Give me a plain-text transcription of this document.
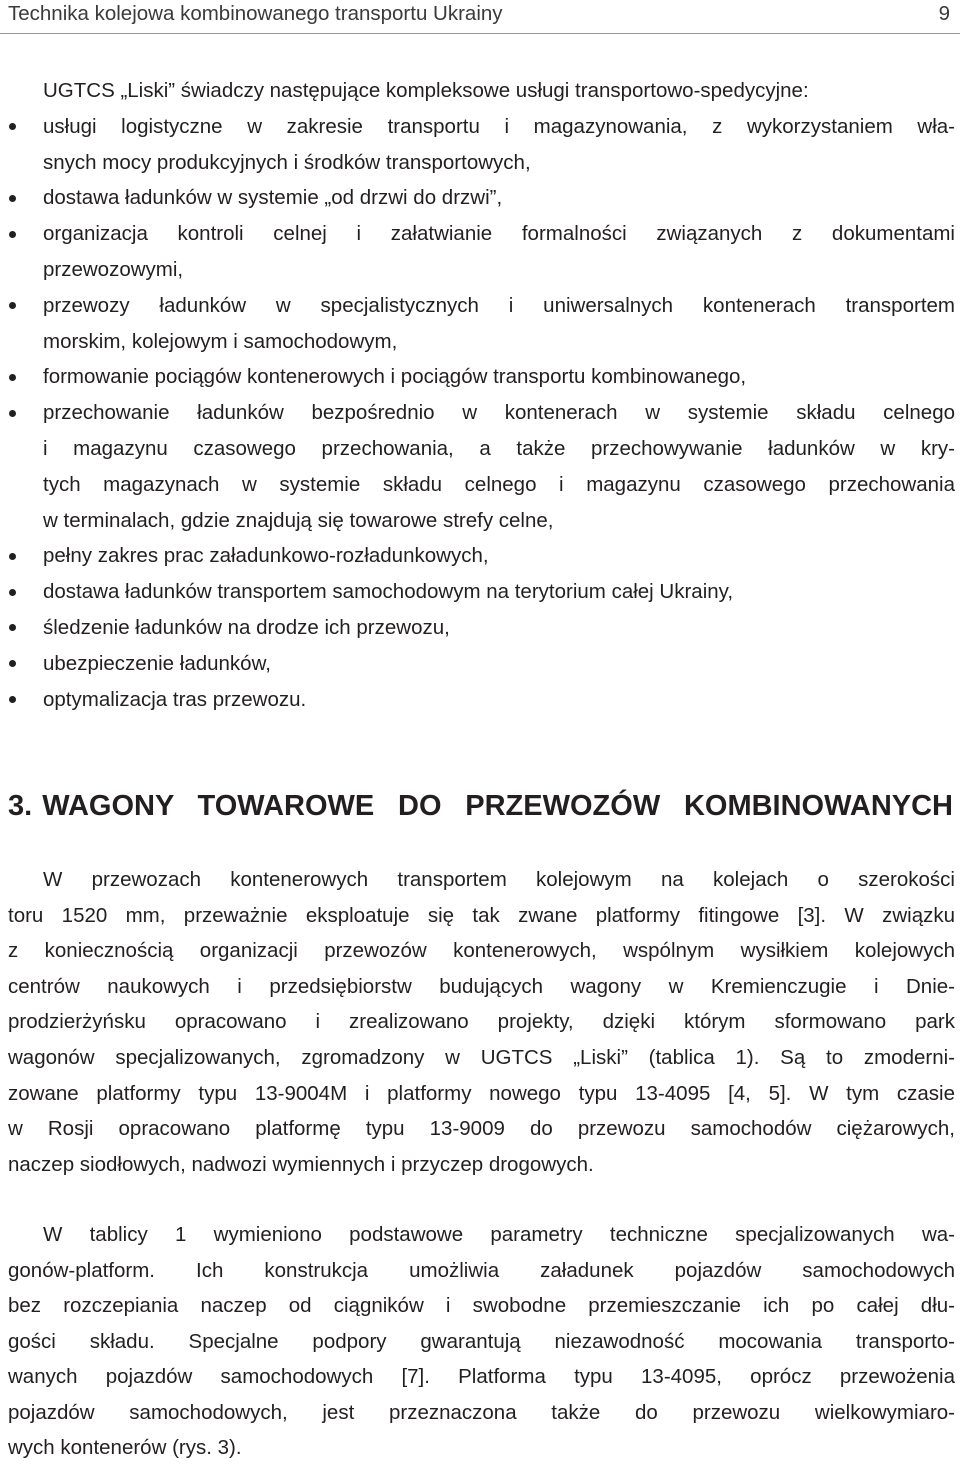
Technika kolejowa kombinowanego transportu Ukrainy	9
UGTCS „Liski” świadczy następujące kompleksowe usługi transportowo-spedycyjne:
usługi logistyczne w zakresie transportu i magazynowania, z wykorzystaniem wła-
snych mocy produkcyjnych i środków transportowych,
dostawa ładunków w systemie „od drzwi do drzwi”,
organizacja kontroli celnej i załatwianie formalności związanych z dokumentami
przewozowymi,
przewozy ładunków w specjalistycznych i uniwersalnych kontenerach transportem
morskim, kolejowym i samochodowym,
formowanie pociągów kontenerowych i pociągów transportu kombinowanego,
przechowanie ładunków bezpośrednio w kontenerach w systemie składu celnego
i magazynu czasowego przechowania, a także przechowywanie ładunków w kry-
tych magazynach w systemie składu celnego i magazynu czasowego przechowania
w terminalach, gdzie znajdują się towarowe strefy celne,
pełny zakres prac załadunkowo-rozładunkowych,
dostawa ładunków transportem samochodowym na terytorium całej Ukrainy,
śledzenie ładunków na drodze ich przewozu,
ubezpieczenie ładunków,
optymalizacja tras przewozu.
3. WAGONY TOWAROWE DO PRZEWOZÓW KOMBINOWANYCH
W przewozach kontenerowych transportem kolejowym na kolejach o szerokości
toru 1520 mm, przeważnie eksploatuje się tak zwane platformy fitingowe [3]. W związku
z koniecznością organizacji przewozów kontenerowych, wspólnym wysiłkiem kolejowych
centrów naukowych i przedsiębiorstw budujących wagony w Kremienczugie i Dnie-
prodzierżyńsku opracowano i zrealizowano projekty, dzięki którym sformowano park
wagonów specjalizowanych, zgromadzony w UGTCS „Liski” (tablica 1). Są to zmoderni-
zowane platformy typu 13-9004M i platformy nowego typu 13-4095 [4, 5]. W tym czasie
w Rosji opracowano platformę typu 13-9009 do przewozu samochodów ciężarowych,
naczep siodłowych, nadwozi wymiennych i przyczep drogowych.
W tablicy 1 wymieniono podstawowe parametry techniczne specjalizowanych wa-
gonów-platform. Ich konstrukcja umożliwia załadunek pojazdów samochodowych
bez rozczepiania naczep od ciągników i swobodne przemieszczanie ich po całej dłu-
gości składu. Specjalne podpory gwarantują niezawodność mocowania transporto-
wanych pojazdów samochodowych [7]. Platforma typu 13-4095, oprócz przewożenia
pojazdów samochodowych, jest przeznaczona także do przewozu wielkowymiaro-
wych kontenerów (rys. 3).
